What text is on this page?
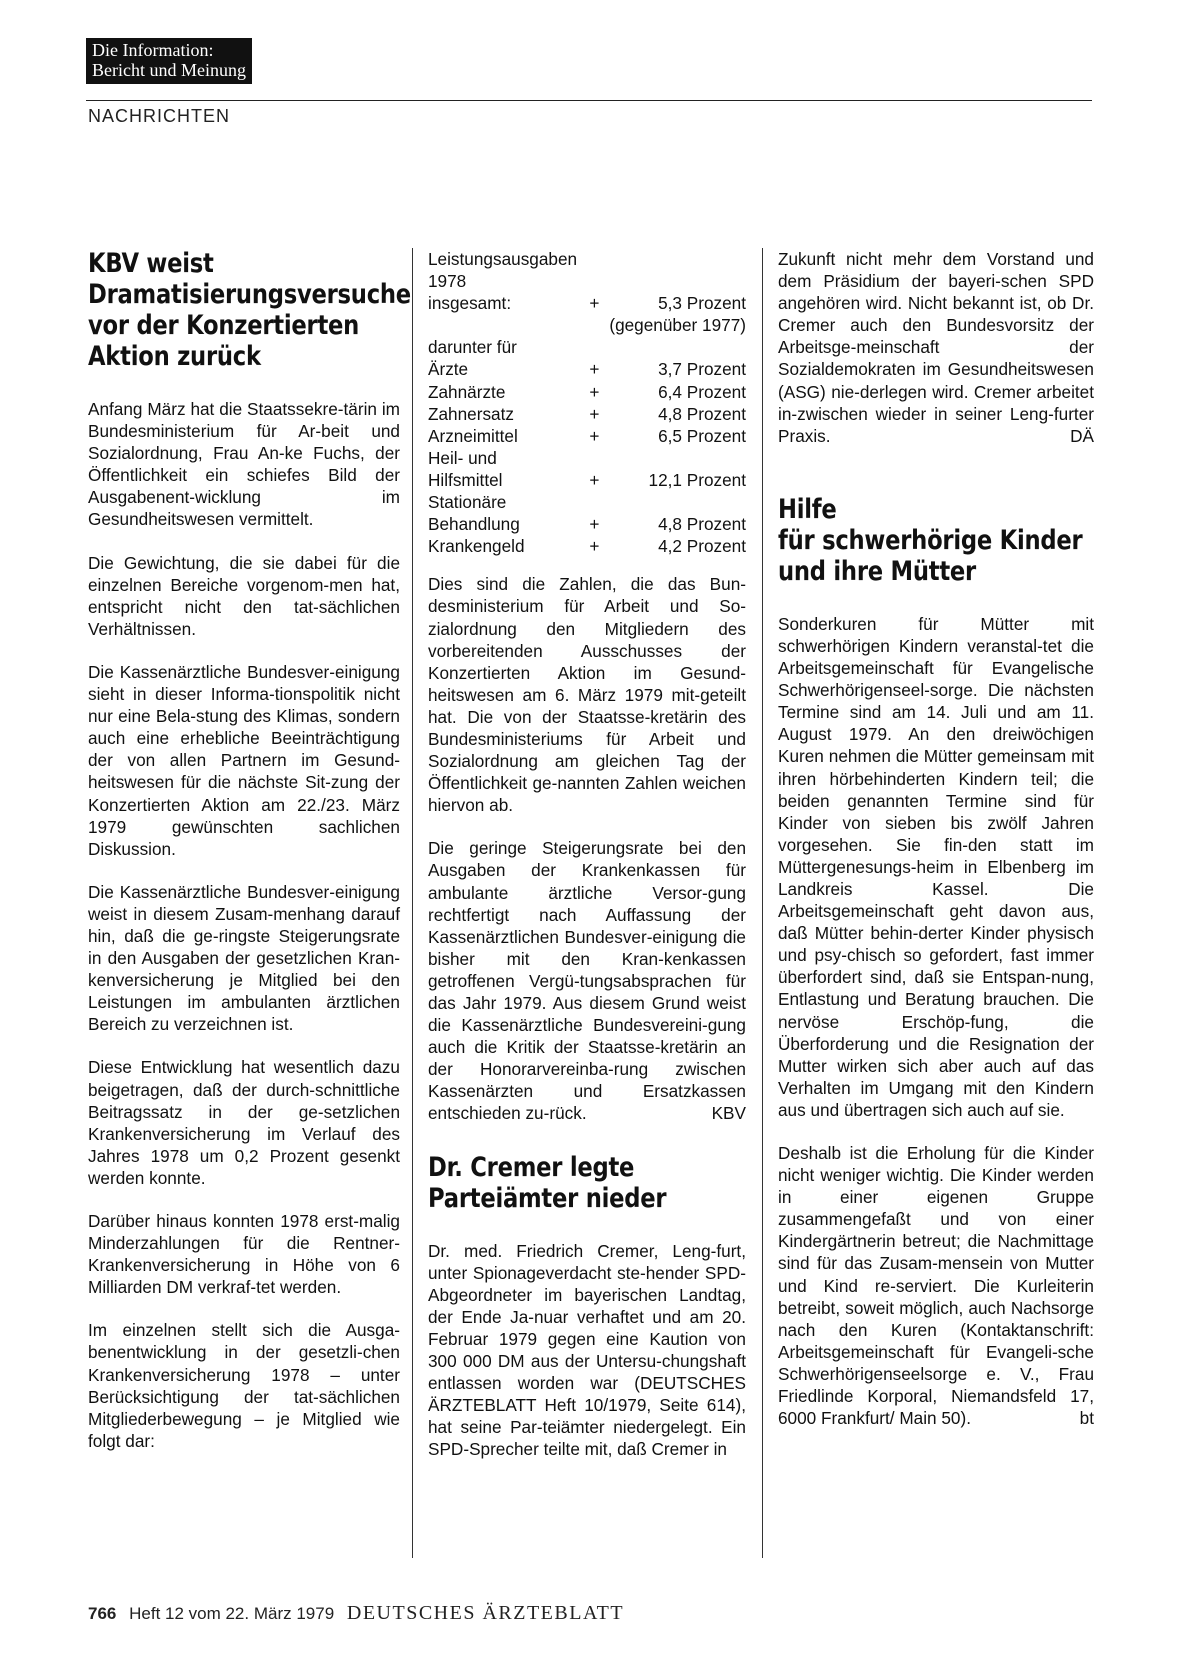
Die Information:
Bericht und Meinung
NACHRICHTEN
KBV weist
Dramatisierungsversuche
vor der Konzertierten
Aktion zurück

Anfang März hat die Staatssekre-tärin im Bundesministerium für Ar-beit und Sozialordnung, Frau An-ke Fuchs, der Öffentlichkeit ein schiefes Bild der Ausgabenent-wicklung im Gesundheitswesen vermittelt.

Die Gewichtung, die sie dabei für die einzelnen Bereiche vorgenom-men hat, entspricht nicht den tat-sächlichen Verhältnissen.

Die Kassenärztliche Bundesver-einigung sieht in dieser Informa-tionspolitik nicht nur eine Bela-stung des Klimas, sondern auch eine erhebliche Beeinträchtigung der von allen Partnern im Gesund-heitswesen für die nächste Sit-zung der Konzertierten Aktion am 22./23. März 1979 gewünschten sachlichen Diskussion.

Die Kassenärztliche Bundesver-einigung weist in diesem Zusam-menhang darauf hin, daß die ge-ringste Steigerungsrate in den Ausgaben der gesetzlichen Kran-kenversicherung je Mitglied bei den Leistungen im ambulanten ärztlichen Bereich zu verzeichnen ist.

Diese Entwicklung hat wesentlich dazu beigetragen, daß der durch-schnittliche Beitragssatz in der ge-setzlichen Krankenversicherung im Verlauf des Jahres 1978 um 0,2 Prozent gesenkt werden konnte.

Darüber hinaus konnten 1978 erst-malig Minderzahlungen für die Rentner-Krankenversicherung in Höhe von 6 Milliarden DM verkraf-tet werden.

Im einzelnen stellt sich die Ausga-benentwicklung in der gesetzli-chen Krankenversicherung 1978 – unter Berücksichtigung der tat-sächlichen Mitgliederbewegung – je Mitglied wie folgt dar:

Leistungsausgaben 1978		
insgesamt:	+	5,3 Prozent
		(gegenüber 1977)
darunter für		
Ärzte	+	3,7 Prozent
Zahnärzte	+	6,4 Prozent
Zahnersatz	+	4,8 Prozent
Arzneimittel	+	6,5 Prozent
Heil- und		
Hilfsmittel	+	12,1 Prozent
Stationäre		
Behandlung	+	4,8 Prozent
Krankengeld	+	4,2 Prozent

Dies sind die Zahlen, die das Bun-desministerium für Arbeit und So-zialordnung den Mitgliedern des vorbereitenden Ausschusses der Konzertierten Aktion im Gesund-heitswesen am 6. März 1979 mit-geteilt hat. Die von der Staatsse-kretärin des Bundesministeriums für Arbeit und Sozialordnung am gleichen Tag der Öffentlichkeit ge-nannten Zahlen weichen hiervon ab.

Die geringe Steigerungsrate bei den Ausgaben der Krankenkassen für ambulante ärztliche Versor-gung rechtfertigt nach Auffassung der Kassenärztlichen Bundesver-einigung die bisher mit den Kran-kenkassen getroffenen Vergü-tungsabsprachen für das Jahr 1979. Aus diesem Grund weist die Kassenärztliche Bundesvereini-gung auch die Kritik der Staatsse-kretärin an der Honorarvereinba-rung zwischen Kassenärzten und Ersatzkassen entschieden zu-rück.	KBV

Dr. Cremer legte
Parteiämter nieder

Dr. med. Friedrich Cremer, Leng-furt, unter Spionageverdacht ste-hender SPD-Abgeordneter im bayerischen Landtag, der Ende Ja-nuar verhaftet und am 20. Februar 1979 gegen eine Kaution von 300 000 DM aus der Untersu-chungshaft entlassen worden war (DEUTSCHES ÄRZTEBLATT Heft 10/1979, Seite 614), hat seine Par-teiämter niedergelegt. Ein SPD-Sprecher teilte mit, daß Cremer in

Zukunft nicht mehr dem Vorstand und dem Präsidium der bayeri-schen SPD angehören wird. Nicht bekannt ist, ob Dr. Cremer auch den Bundesvorsitz der Arbeitsge-meinschaft der Sozialdemokraten im Gesundheitswesen (ASG) nie-derlegen wird. Cremer arbeitet in-zwischen wieder in seiner Leng-furter Praxis.	DÄ

Hilfe
für schwerhörige Kinder
und ihre Mütter

Sonderkuren für Mütter mit schwerhörigen Kindern veranstal-tet die Arbeitsgemeinschaft für Evangelische Schwerhörigenseel-sorge. Die nächsten Termine sind am 14. Juli und am 11. August 1979. An den dreiwöchigen Kuren nehmen die Mütter gemeinsam mit ihren hörbehinderten Kindern teil; die beiden genannten Termine sind für Kinder von sieben bis zwölf Jahren vorgesehen. Sie fin-den statt im Müttergenesungs-heim in Elbenberg im Landkreis Kassel. Die Arbeitsgemeinschaft geht davon aus, daß Mütter behin-derter Kinder physisch und psy-chisch so gefordert, fast immer überfordert sind, daß sie Entspan-nung, Entlastung und Beratung brauchen. Die nervöse Erschöp-fung, die Überforderung und die Resignation der Mutter wirken sich aber auch auf das Verhalten im Umgang mit den Kindern aus und übertragen sich auch auf sie.

Deshalb ist die Erholung für die Kinder nicht weniger wichtig. Die Kinder werden in einer eigenen Gruppe zusammengefaßt und von einer Kindergärtnerin betreut; die Nachmittage sind für das Zusam-mensein von Mutter und Kind re-serviert. Die Kurleiterin betreibt, soweit möglich, auch Nachsorge nach den Kuren (Kontaktanschrift: Arbeitsgemeinschaft für Evangeli-sche Schwerhörigenseelsorge e. V., Frau Friedlinde Korporal, Niemandsfeld 17, 6000 Frankfurt/ Main 50).	bt

766 Heft 12 vom 22. März 1979 DEUTSCHES ÄRZTEBLATT
